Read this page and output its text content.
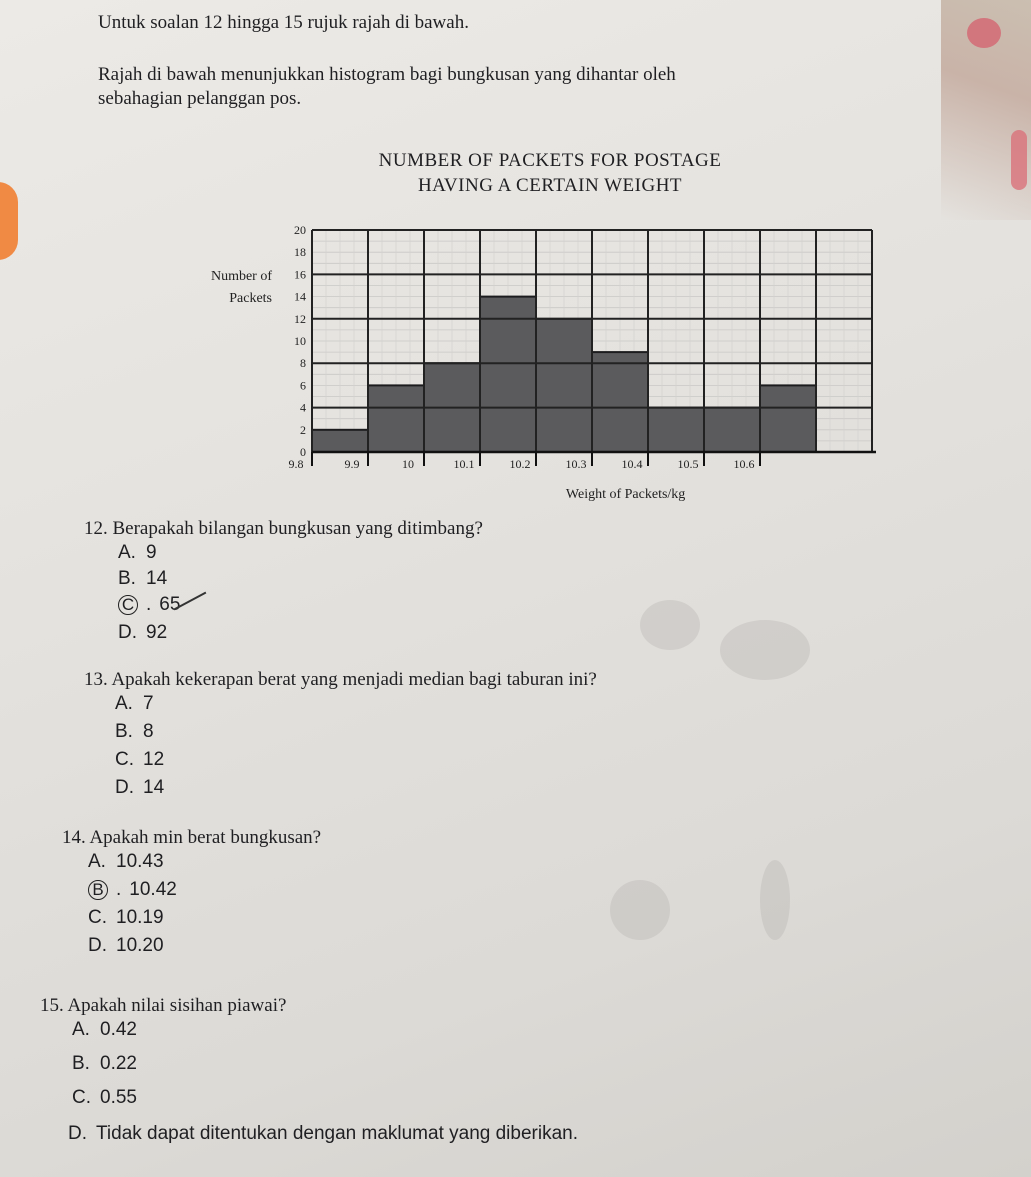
Untuk soalan 12 hingga 15 rujuk rajah di bawah.
Rajah di bawah menunjukkan histogram bagi bungkusan yang dihantar oleh
sebahagian pelanggan pos.
NUMBER OF PACKETS FOR POSTAGE
HAVING A CERTAIN WEIGHT
0
2
4
6
8
10
12
14
16
18
20
9.8	9.9	10	10.1	10.2	10.3	10.4	10.5	10.6
Number of
Packets
Weight of Packets/kg
12. Berapakah bilangan bungkusan yang ditimbang?
A. 9
B. 14
C . 65
D. 92
13. Apakah kekerapan berat yang menjadi median bagi taburan ini?
A. 7
B. 8
C. 12
D. 14
14. Apakah min berat bungkusan?
A. 10.43
B . 10.42
C. 10.19
D. 10.20
15. Apakah nilai sisihan piawai?
A. 0.42
B. 0.22
C. 0.55
D. Tidak dapat ditentukan dengan maklumat yang diberikan.
